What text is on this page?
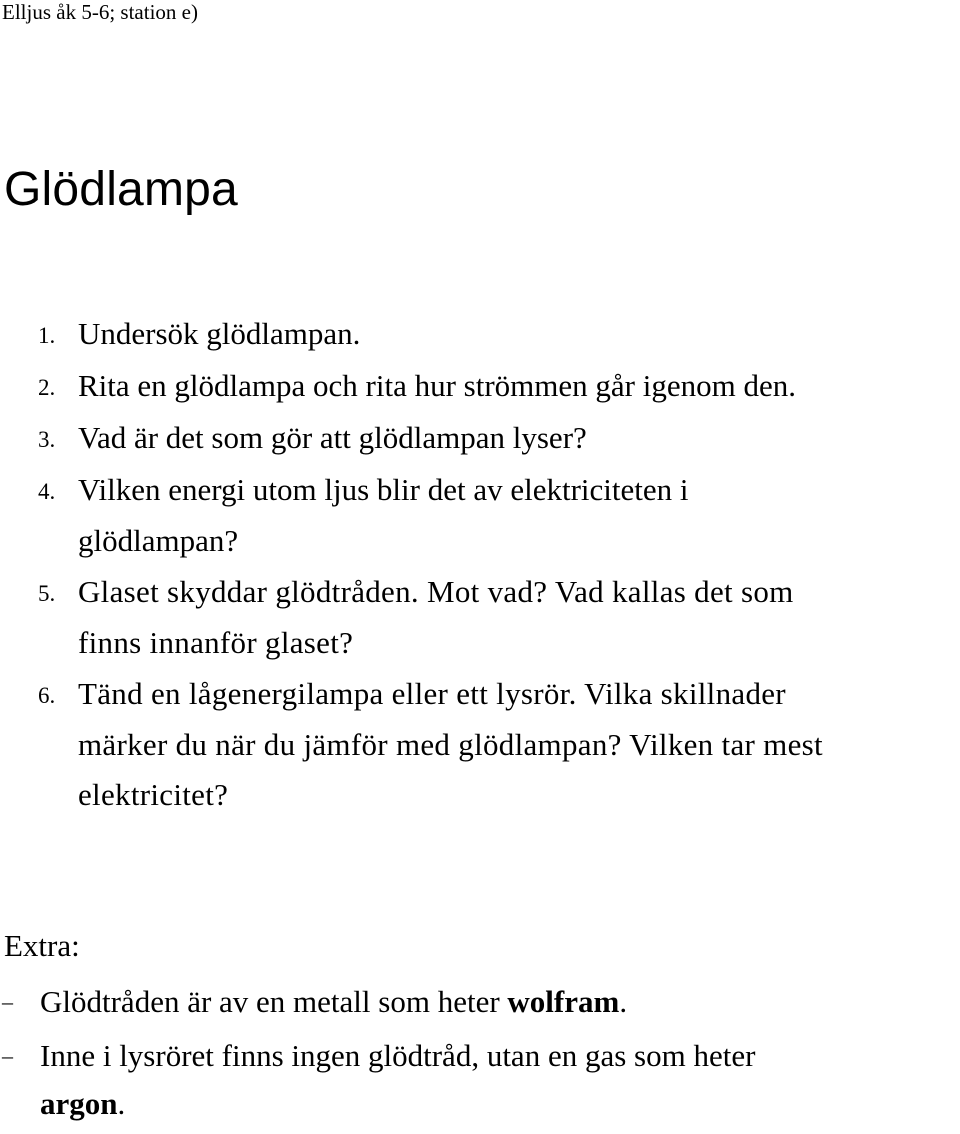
Elljus åk 5-6; station e)
Glödlampa
1. Undersök glödlampan.
2. Rita en glödlampa och rita hur strömmen går igenom den.
3. Vad är det som gör att glödlampan lyser?
4. Vilken energi utom ljus blir det av elektriciteten i
glödlampan?
5. Glaset skyddar glödtråden. Mot vad? Vad kallas det som
finns innanför glaset?
6. Tänd en lågenergilampa eller ett lysrör. Vilka skillnader
märker du när du jämför med glödlampan? Vilken tar mest
elektricitet?
Extra:
– Glödtråden är av en metall som heter wolfram.
– Inne i lysröret finns ingen glödtråd, utan en gas som heter
argon.
